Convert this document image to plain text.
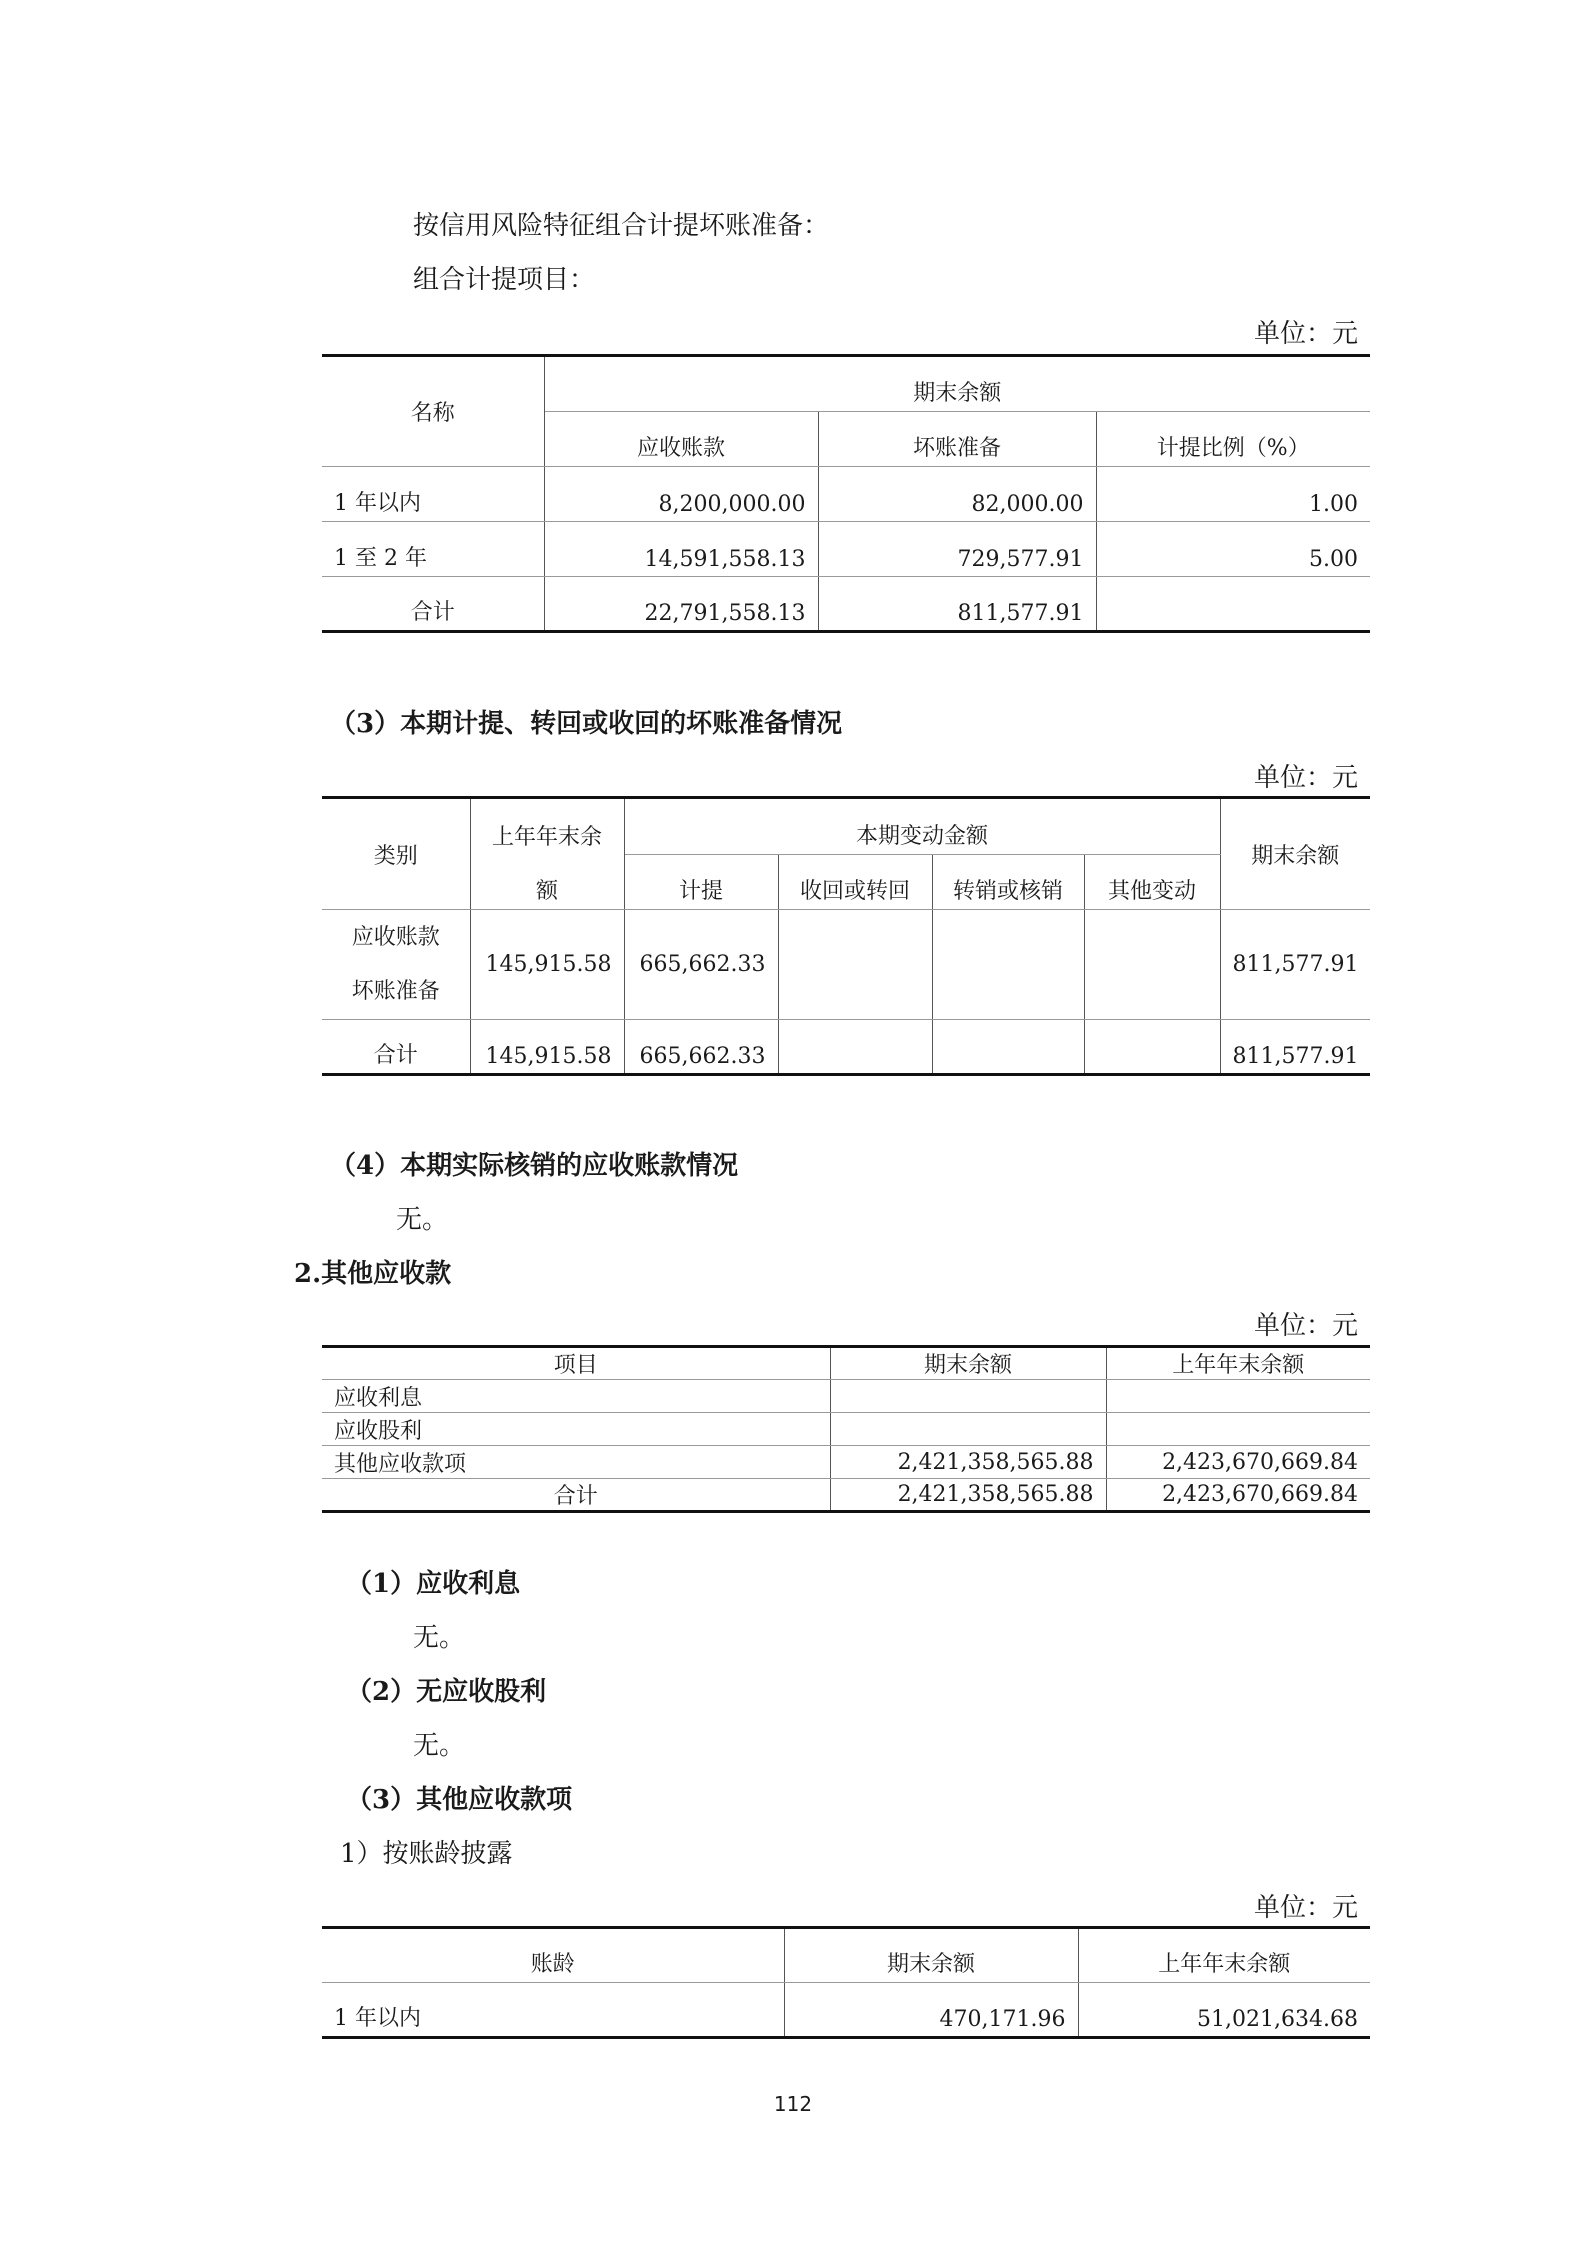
按信用风险特征组合计提坏账准备：
组合计提项目：
单位：元
名称	期末余额		
	应收账款	坏账准备	计提比例（%）
1 年以内	8,200,000.00	82,000.00	1.00
1 至 2 年	14,591,558.13	729,577.91	5.00
合计	22,791,558.13	811,577.91	
（3）本期计提、转回或收回的坏账准备情况
单位：元
类别	上年年末余	本期变动金额				期末余额
	额	计提	收回或转回	转销或核销	其他变动	

应收账款
坏账准备	145,915.58	665,662.33				811,577.91
合计	145,915.58	665,662.33				811,577.91
（4）本期实际核销的应收账款情况
无。
2.其他应收款
单位：元
项目	期末余额	上年年末余额
应收利息		
应收股利		
其他应收款项	2,421,358,565.88	2,423,670,669.84
合计	2,421,358,565.88	2,423,670,669.84
（1）应收利息
无。
（2）无应收股利
无。
（3）其他应收款项
1）按账龄披露
单位：元
账龄	期末余额	上年年末余额
1 年以内	470,171.96	51,021,634.68
112
